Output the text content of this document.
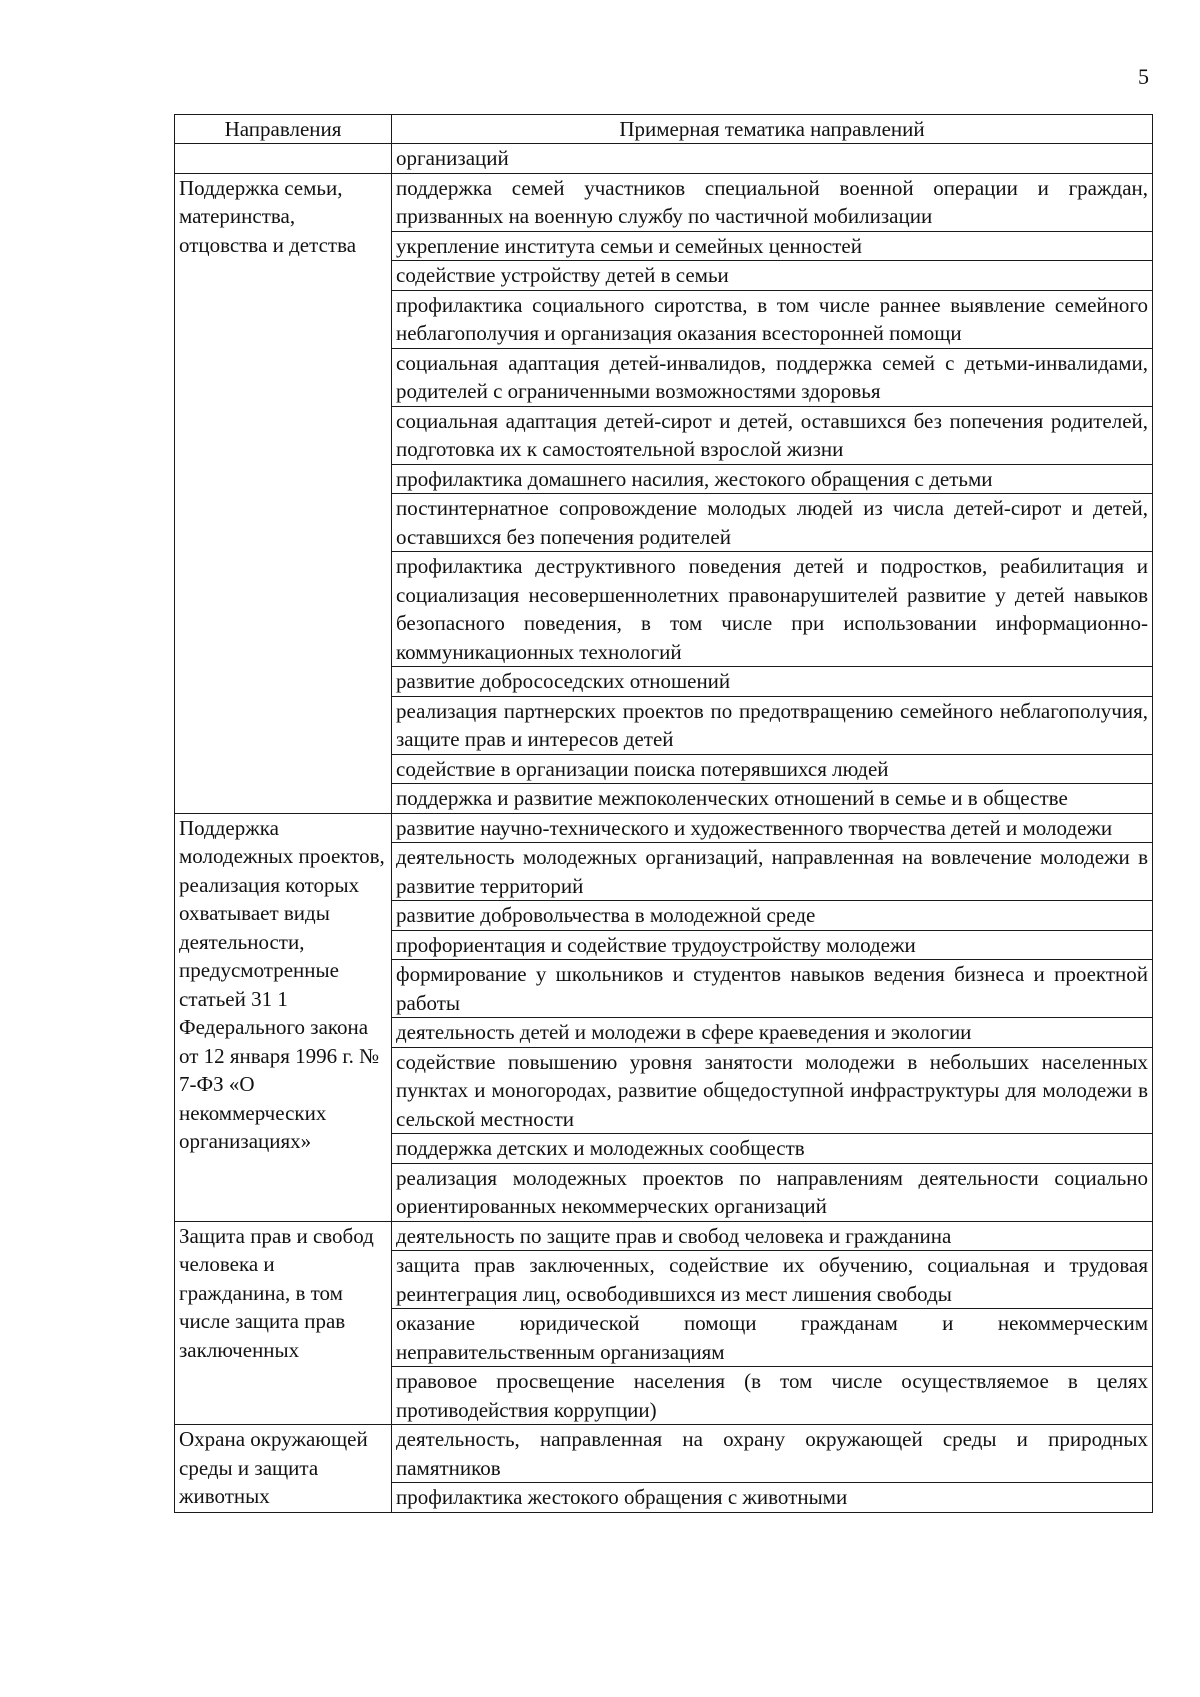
5
Направления	Примерная тематика направлений
	организаций
Поддержка семьи, материнства, отцовства и детства	поддержка семей участников специальной военной операции и граждан, призванных на военную службу по частичной мобилизации
	укрепление института семьи и семейных ценностей
	содействие устройству детей в семьи
	профилактика социального сиротства, в том числе раннее выявление семейного неблагополучия и организация оказания всесторонней помощи
	социальная адаптация детей-инвалидов, поддержка семей с детьми-инвалидами, родителей с ограниченными возможностями здоровья
	социальная адаптация детей-сирот и детей, оставшихся без попечения родителей, подготовка их к самостоятельной взрослой жизни
	профилактика домашнего насилия, жестокого обращения с детьми
	постинтернатное сопровождение молодых людей из числа детей-сирот и детей, оставшихся без попечения родителей
	профилактика деструктивного поведения детей и подростков, реабилитация и социализация несовершеннолетних правонарушителей развитие у детей навыков безопасного поведения, в том числе при использовании информационно-коммуникационных технологий
	развитие добрососедских отношений
	реализация партнерских проектов по предотвращению семейного неблагополучия, защите прав и интересов детей
	содействие в организации поиска потерявшихся людей
	поддержка и развитие межпоколенческих отношений в семье и в обществе
Поддержка молодежных проектов, реализация которых охватывает виды деятельности, предусмотренные статьей 31 1 Федерального закона от 12 января 1996 г. № 7-ФЗ «О некоммерческих организациях»	развитие научно-технического и художественного творчества детей и молодежи
	деятельность молодежных организаций, направленная на вовлечение молодежи в развитие территорий
	развитие добровольчества в молодежной среде
	профориентация и содействие трудоустройству молодежи
	формирование у школьников и студентов навыков ведения бизнеса и проектной работы
	деятельность детей и молодежи в сфере краеведения и экологии
	содействие повышению уровня занятости молодежи в небольших населенных пунктах и моногородах, развитие общедоступной инфраструктуры для молодежи в сельской местности
	поддержка детских и молодежных сообществ
	реализация молодежных проектов по направлениям деятельности социально ориентированных некоммерческих организаций
Защита прав и свобод человека и гражданина, в том числе защита прав заключенных	деятельность по защите прав и свобод человека и гражданина
	защита прав заключенных, содействие их обучению, социальная и трудовая реинтеграция лиц, освободившихся из мест лишения свободы
	оказание юридической помощи гражданам и некоммерческим неправительственным организациям
	правовое просвещение населения (в том числе осуществляемое в целях противодействия коррупции)
Охрана окружающей среды и защита животных	деятельность, направленная на охрану окружающей среды и природных памятников
	профилактика жестокого обращения с животными
